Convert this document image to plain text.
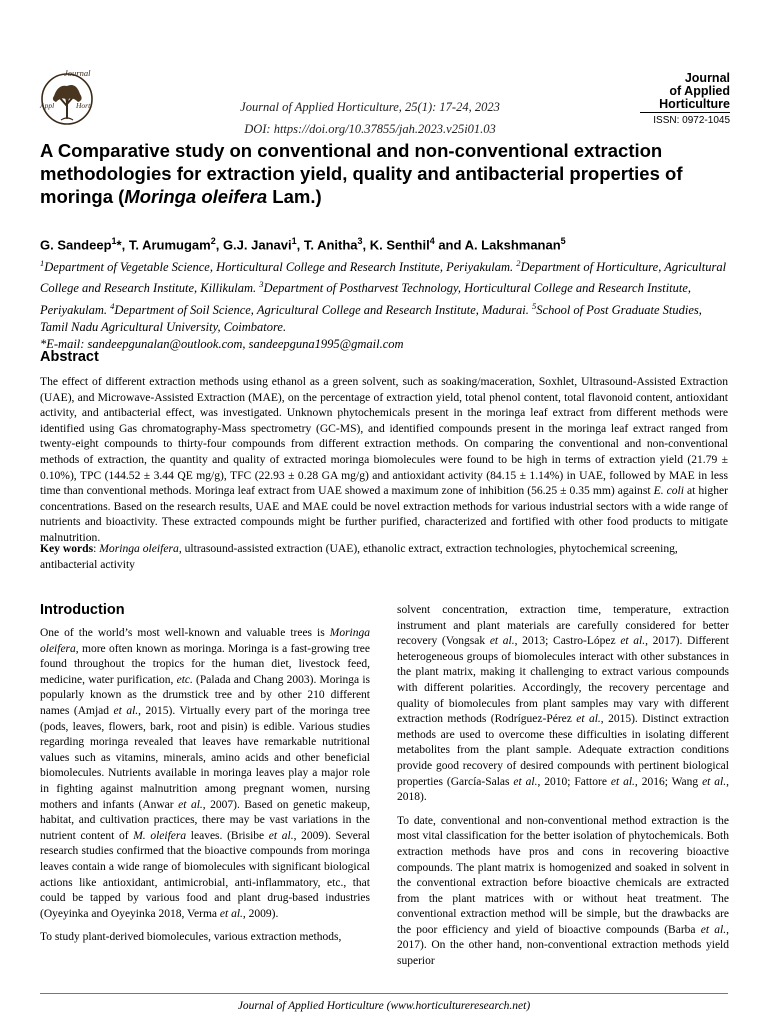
Journal
Appl	Hort	Journal of Applied Horticulture, 25(1): 17-24, 2023
DOI: https://doi.org/10.37855/jah.2023.v25i01.03
Journal
of Applied
Horticulture
ISSN: 0972-1045
A Comparative study on conventional and non-conventional extraction methodologies for extraction yield, quality and antibacterial properties of moringa (Moringa oleifera Lam.)
G. Sandeep$^1$*, T. Arumugam$^2$, G.J. Janavi$^1$, T. Anitha$^3$, K. Senthil$^4$ and A. Lakshmanan$^5$
$^1$Department of Vegetable Science, Horticultural College and Research Institute, Periyakulam. $^2$Department of Horticulture, Agricultural College and Research Institute, Killikulam. $^3$Department of Postharvest Technology, Horticultural College and Research Institute, Periyakulam. $^4$Department of Soil Science, Agricultural College and Research Institute, Madurai. $^5$School of Post Graduate Studies, Tamil Nadu Agricultural University, Coimbatore.
*E-mail: sandeepgunalan@outlook.com, sandeepguna1995@gmail.com
Abstract

The effect of different extraction methods using ethanol as a green solvent, such as soaking/maceration, Soxhlet, Ultrasound-Assisted Extraction (UAE), and Microwave-Assisted Extraction (MAE), on the percentage of extraction yield, total phenol content, total flavonoid content, antioxidant activity, and antibacterial effect, was investigated. Unknown phytochemicals present in the moringa leaf extract from different methods were identified using Gas chromatography-Mass spectrometry (GC-MS), and identified compounds present in the moringa leaf extract ranged from twenty-eight compounds to thirty-four compounds from different extraction methods. On comparing the conventional and non-conventional methods of extraction, the quantity and quality of extracted moringa biomolecules were found to be high in terms of extraction yield (21.79 ± 0.10%), TPC (144.52 ± 3.44 QE mg/g), TFC (22.93 ± 0.28 GA mg/g) and antioxidant activity (84.15 ± 1.14%) in UAE, followed by MAE in less time than conventional methods. Moringa leaf extract from UAE showed a maximum zone of inhibition (56.25 ± 0.35 mm) against E. coli at higher concentrations. Based on the research results, UAE and MAE could be novel extraction methods for various industrial sectors with a wide range of nutrients and bioactivity. These extracted compounds might be further purified, characterized and fortified with other food products to mitigate malnutrition.

Key words: Moringa oleifera, ultrasound-assisted extraction (UAE), ethanolic extract, extraction technologies, phytochemical screening, antibacterial activity

Introduction

One of the world’s most well-known and valuable trees is Moringa oleifera, more often known as moringa. Moringa is a fast-growing tree found throughout the tropics for the human diet, livestock feed, medicine, water purification, etc. (Palada and Chang 2003). Moringa is popularly known as the drumstick tree and by other 210 different names (Amjad et al., 2015). Virtually every part of the moringa tree (pods, leaves, flowers, bark, root and pisin) is edible. Various studies regarding moringa revealed that leaves have remarkable nutritional values such as vitamins, minerals, amino acids and other beneficial biomolecules. Nutrients available in moringa leaves play a major role in fighting against malnutrition among pregnant women, nursing mothers and infants (Anwar et al., 2007). Based on genetic makeup, habitat, and cultivation practices, there may be vast variations in the nutrient content of M. oleifera leaves. (Brisibe et al., 2009). Several research studies confirmed that the bioactive compounds from moringa leaves contain a wide range of biomolecules with significant biological actions like antioxidant, antimicrobial, anti-inflammatory, etc., that could be tapped by various food and plant drug-based industries (Oyeyinka and Oyeyinka 2018, Verma et al., 2009).

To study plant-derived biomolecules, various extraction methods,

solvent concentration, extraction time, temperature, extraction instrument and plant materials are carefully considered for better recovery (Vongsak et al., 2013; Castro-López et al., 2017). Different heterogeneous groups of biomolecules interact with other substances in the plant matrix, making it challenging to extract various compounds with different polarities. Accordingly, the recovery percentage and quality of biomolecules from plant samples may vary with different extraction methods (Rodríguez-Pérez et al., 2015). Distinct extraction methods are used to overcome these difficulties in isolating different metabolites from the plant sample. Adequate extraction conditions provide good recovery of desired compounds with pertinent biological properties (García-Salas et al., 2010; Fattore et al., 2016; Wang et al., 2018).

To date, conventional and non-conventional method extraction is the most vital classification for the better isolation of phytochemicals. Both extraction methods have pros and cons in recovering bioactive compounds. The plant matrix is homogenized and soaked in solvent in the conventional extraction before bioactive chemicals are extracted from the plant matrices with or without heat treatment. The conventional extraction method will be simple, but the drawbacks are the poor efficiency and yield of bioactive compounds (Barba et al., 2017). On the other hand, non-conventional extraction methods yield superior

Journal of Applied Horticulture (www.horticultureresearch.net)
